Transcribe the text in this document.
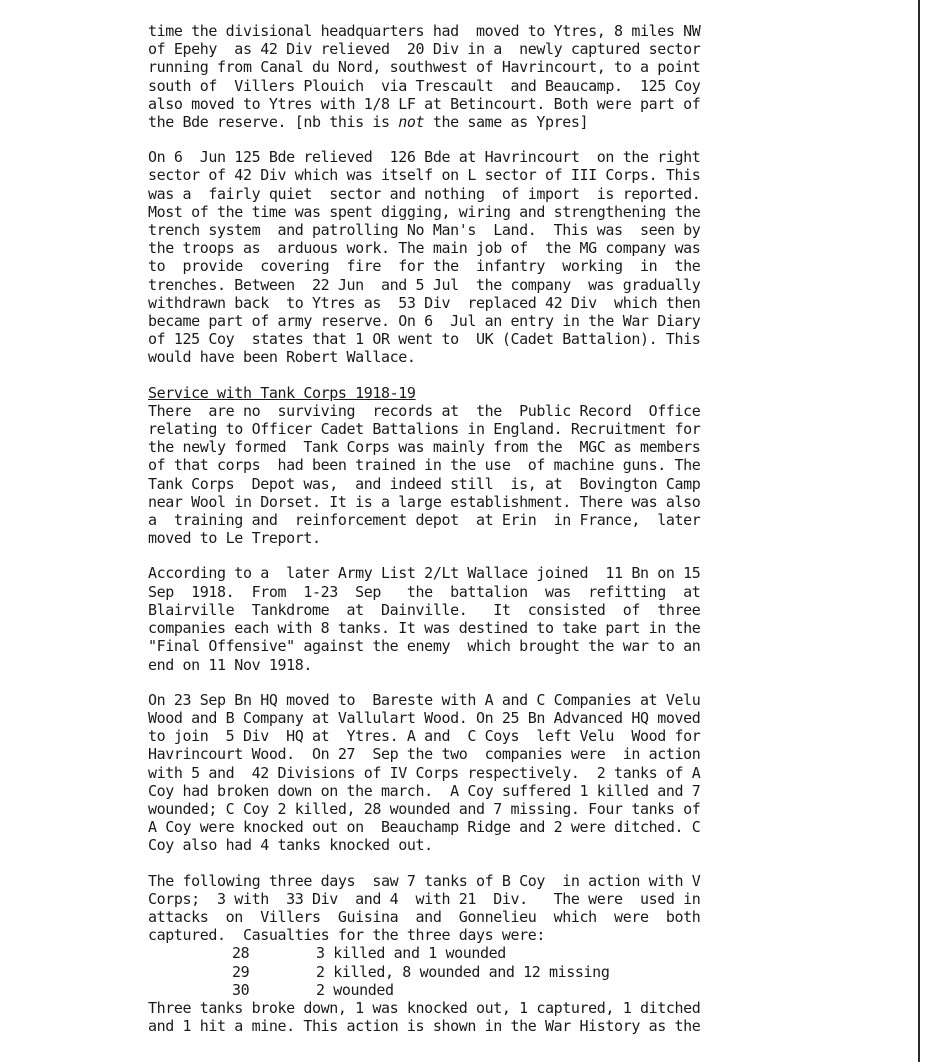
time the divisional headquarters had  moved to Ytres, 8 miles NW
of Epehy  as 42 Div relieved  20 Div in a  newly captured sector
running from Canal du Nord, southwest of Havrincourt, to a point
south of  Villers Plouich  via Trescault  and Beaucamp.  125 Coy
also moved to Ytres with 1/8 LF at Betincourt. Both were part of
the Bde reserve. [nb this is not the same as Ypres]
On 6  Jun 125 Bde relieved  126 Bde at Havrincourt  on the right
sector of 42 Div which was itself on L sector of III Corps. This
was a  fairly quiet  sector and nothing  of import  is reported.
Most of the time was spent digging, wiring and strengthening the
trench system  and patrolling No Man's  Land.  This was  seen by
the troops as  arduous work. The main job of  the MG company was
to  provide  covering  fire  for the  infantry  working  in  the
trenches. Between  22 Jun  and 5 Jul  the company  was gradually
withdrawn back  to Ytres as  53 Div  replaced 42 Div  which then
became part of army reserve. On 6  Jul an entry in the War Diary
of 125 Coy  states that 1 OR went to  UK (Cadet Battalion). This
would have been Robert Wallace.
Service with Tank Corps 1918-19
There  are no  surviving  records at  the  Public Record  Office
relating to Officer Cadet Battalions in England. Recruitment for
the newly formed  Tank Corps was mainly from the  MGC as members
of that corps  had been trained in the use  of machine guns. The
Tank Corps  Depot was,  and indeed still  is, at  Bovington Camp
near Wool in Dorset. It is a large establishment. There was also
a  training and  reinforcement depot  at Erin  in France,  later
moved to Le Treport.
According to a  later Army List 2/Lt Wallace joined  11 Bn on 15
Sep  1918.  From  1-23  Sep   the  battalion  was  refitting  at
Blairville  Tankdrome  at  Dainville.   It  consisted  of  three
companies each with 8 tanks. It was destined to take part in the
"Final Offensive" against the enemy  which brought the war to an
end on 11 Nov 1918.
On 23 Sep Bn HQ moved to  Bareste with A and C Companies at Velu
Wood and B Company at Vallulart Wood. On 25 Bn Advanced HQ moved
to join  5 Div  HQ at  Ytres. A and  C Coys  left Velu  Wood for
Havrincourt Wood.  On 27  Sep the two  companies were  in action
with 5 and  42 Divisions of IV Corps respectively.  2 tanks of A
Coy had broken down on the march.  A Coy suffered 1 killed and 7
wounded; C Coy 2 killed, 28 wounded and 7 missing. Four tanks of
A Coy were knocked out on  Beauchamp Ridge and 2 were ditched. C
Coy also had 4 tanks knocked out.
The following three days  saw 7 tanks of B Coy  in action with V
Corps;  3 with  33 Div  and 4  with 21  Div.   The were  used in
attacks  on  Villers  Guisina  and  Gonnelieu  which  were  both
captured.  Casualties for the three days were:
28	3 killed and 1 wounded
29	2 killed, 8 wounded and 12 missing
30	2 wounded
Three tanks broke down, 1 was knocked out, 1 captured, 1 ditched
and 1 hit a mine. This action is shown in the War History as the
